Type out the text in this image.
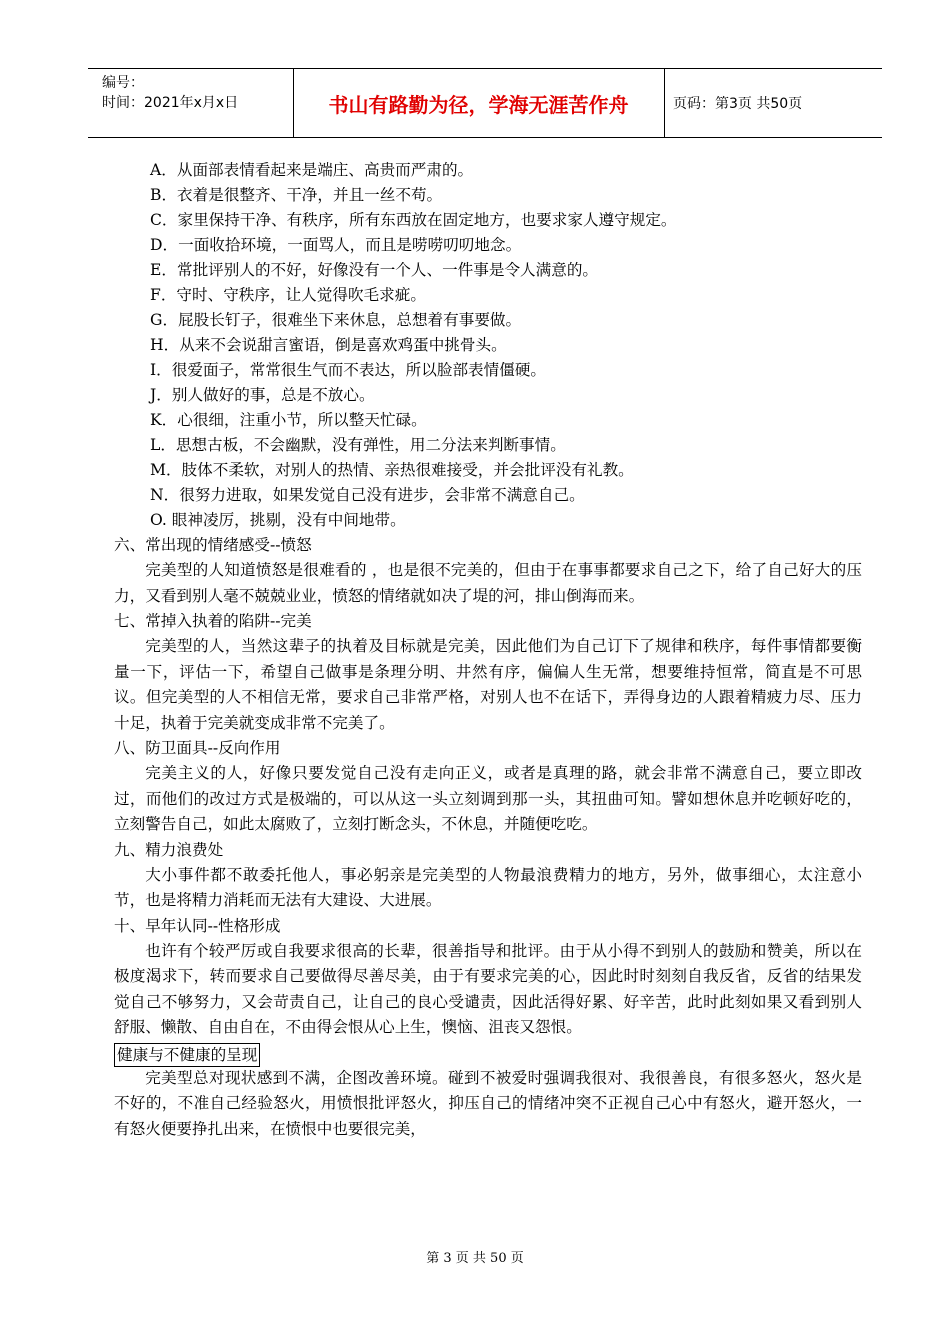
编号：
时间：2021年x月x日	书山有路勤为径，学海无涯苦作舟	页码：第3页 共50页
A．从面部表情看起来是端庄、高贵而严肃的。
B．衣着是很整齐、干净，并且一丝不苟。
C．家里保持干净、有秩序，所有东西放在固定地方，也要求家人遵守规定。
D．一面收拾环境，一面骂人，而且是唠唠叨叨地念。
E．常批评别人的不好，好像没有一个人、一件事是令人满意的。
F．守时、守秩序，让人觉得吹毛求疵。
G．屁股长钉子，很难坐下来休息，总想着有事要做。
H．从来不会说甜言蜜语，倒是喜欢鸡蛋中挑骨头。
I．很爱面子，常常很生气而不表达，所以脸部表情僵硬。
J．别人做好的事，总是不放心。
K．心很细，注重小节，所以整天忙碌。
L．思想古板，不会幽默，没有弹性，用二分法来判断事情。
M．肢体不柔软，对别人的热情、亲热很难接受，并会批评没有礼教。
N．很努力进取，如果发觉自己没有进步，会非常不满意自己。
O. 眼神凌厉，挑剔，没有中间地带。
六、常出现的情绪感受--愤怒

完美型的人知道愤怒是很难看的 ，也是很不完美的，但由于在事事都要求自己之下，给了自己好大的压力，又看到别人毫不兢兢业业，愤怒的情绪就如决了堤的河，排山倒海而来。

七、常掉入执着的陷阱--完美

完美型的人，当然这辈子的执着及目标就是完美，因此他们为自己订下了规律和秩序，每件事情都要衡量一下，评估一下，希望自己做事是条理分明、井然有序，偏偏人生无常，想要维持恒常，简直是不可思议。但完美型的人不相信无常，要求自己非常严格，对别人也不在话下，弄得身边的人跟着精疲力尽、压力十足，执着于完美就变成非常不完美了。

八、防卫面具--反向作用

完美主义的人，好像只要发觉自己没有走向正义，或者是真理的路，就会非常不满意自己，要立即改过，而他们的改过方式是极端的，可以从这一头立刻调到那一头，其扭曲可知。譬如想休息并吃顿好吃的，立刻警告自己，如此太腐败了，立刻打断念头，不休息，并随便吃吃。

九、精力浪费处

大小事件都不敢委托他人，事必躬亲是完美型的人物最浪费精力的地方，另外，做事细心，太注意小节，也是将精力消耗而无法有大建设、大进展。

十、早年认同--性格形成

也许有个较严厉或自我要求很高的长辈，很善指导和批评。由于从小得不到别人的鼓励和赞美，所以在极度渴求下，转而要求自己要做得尽善尽美，由于有要求完美的心，因此时时刻刻自我反省，反省的结果发觉自己不够努力，又会苛责自己，让自己的良心受谴责，因此活得好累、好辛苦，此时此刻如果又看到别人舒服、懒散、自由自在，不由得会恨从心上生，懊恼、沮丧又怨恨。

健康与不健康的呈现

完美型总对现状感到不满，企图改善环境。碰到不被爱时强调我很对、我很善良，有很多怒火，怒火是不好的，不准自己经验怒火，用愤恨批评怒火，抑压自己的情绪冲突不正视自己心中有怒火，避开怒火，一有怒火便要挣扎出来，在愤恨中也要很完美，

第 3 页 共 50 页
